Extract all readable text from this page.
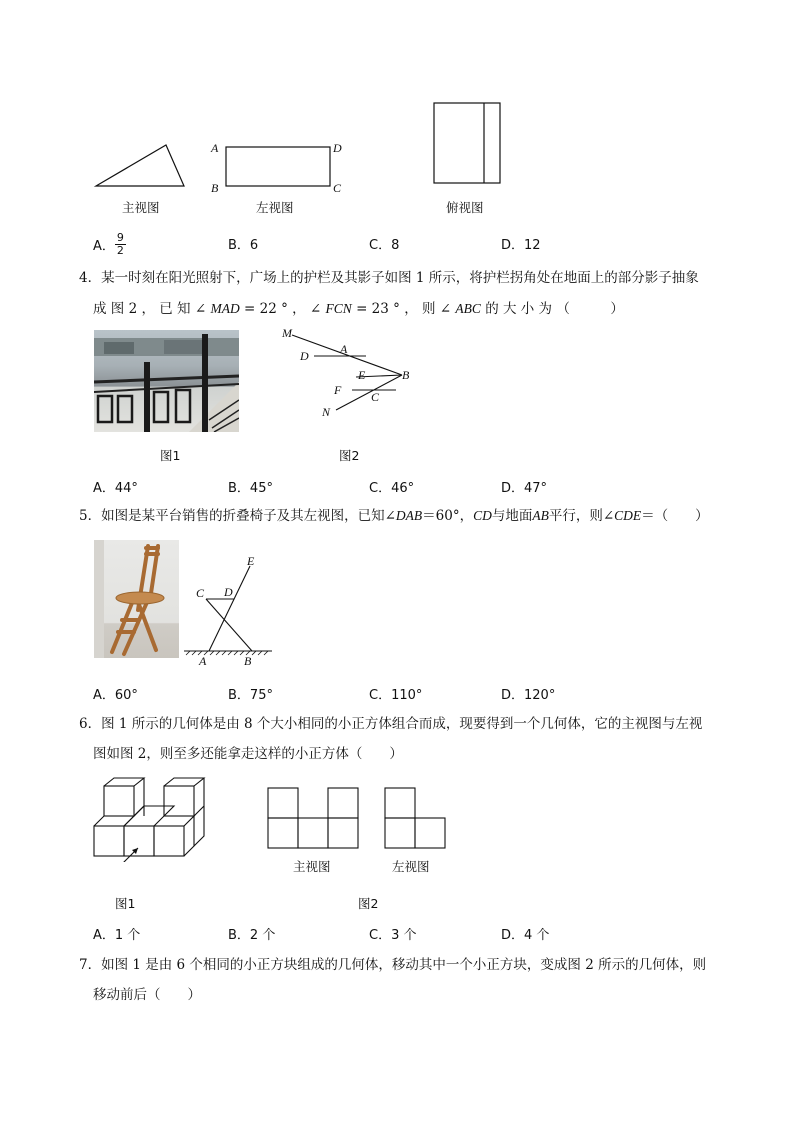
主视图
A
B
D
C
左视图	俯视图
A． $\frac{9}{2}$	B．6	C．8	D．12
4．某一时刻在阳光照射下，广场上的护栏及其影子如图 1 所示，将护栏拐角处在地面上的部分影子抽象
成 图 2 ， 已 知 ∠ MAD = 22 ° ， ∠ FCN = 23 ° ， 则 ∠ ABC 的 大 小 为 （　　　）
M
D	A
E	B
F C
N
图1	图2
A．44°	B．45°	C．46°	D．47°
5．如图是某平台销售的折叠椅子及其左视图，已知∠DAB＝60°，CD与地面AB平行，则∠CDE＝（　　）
E
C D
A	B
A．60°	B．75°	C．110°	D．120°
6．图 1 所示的几何体是由 8 个大小相同的小正方体组合而成，现要得到一个几何体，它的主视图与左视
图如图 2，则至多还能拿走这样的小正方体（　　）
主视图	左视图
图1	图2
A．1 个	B．2 个	C．3 个	D．4 个
7．如图 1 是由 6 个相同的小正方块组成的几何体，移动其中一个小正方块，变成图 2 所示的几何体，则
移动前后（　　）
